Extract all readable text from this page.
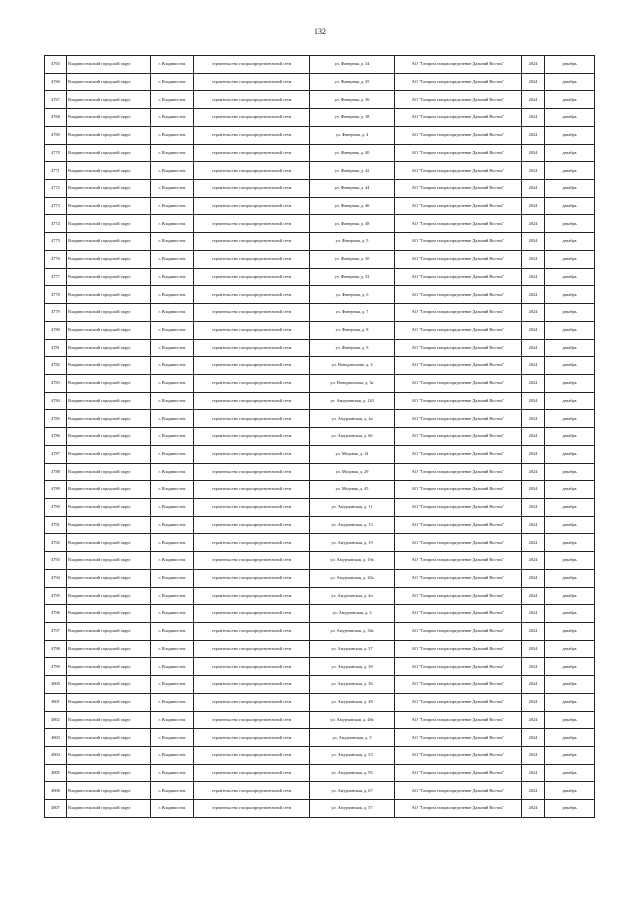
132
4765	Владивостокский городской округ	г. Владивосток	строительство газораспределительной сети	ул. Фанерная, д. 34	АО "Газпром газораспределение Дальний Восток"	2024	декабрь
4766	Владивостокский городской округ	г. Владивосток	строительство газораспределительной сети	ул. Фанерная, д. 35	АО "Газпром газораспределение Дальний Восток"	2024	декабрь
4767	Владивостокский городской округ	г. Владивосток	строительство газораспределительной сети	ул. Фанерная, д. 36	АО "Газпром газораспределение Дальний Восток"	2024	декабрь
4768	Владивостокский городской округ	г. Владивосток	строительство газораспределительной сети	ул. Фанерная, д. 38	АО "Газпром газораспределение Дальний Восток"	2024	декабрь
4769	Владивостокский городской округ	г. Владивосток	строительство газораспределительной сети	ул. Фанерная, д. 4	АО "Газпром газораспределение Дальний Восток"	2024	декабрь
4770	Владивостокский городской округ	г. Владивосток	строительство газораспределительной сети	ул. Фанерная, д. 40	АО "Газпром газораспределение Дальний Восток"	2024	декабрь
4771	Владивостокский городской округ	г. Владивосток	строительство газораспределительной сети	ул. Фанерная, д. 42	АО "Газпром газораспределение Дальний Восток"	2024	декабрь
4772	Владивостокский городской округ	г. Владивосток	строительство газораспределительной сети	ул. Фанерная, д. 44	АО "Газпром газораспределение Дальний Восток"	2024	декабрь
4773	Владивостокский городской округ	г. Владивосток	строительство газораспределительной сети	ул. Фанерная, д. 46	АО "Газпром газораспределение Дальний Восток"	2024	декабрь
4774	Владивостокский городской округ	г. Владивосток	строительство газораспределительной сети	ул. Фанерная, д. 48	АО "Газпром газораспределение Дальний Восток"	2024	декабрь
4775	Владивостокский городской округ	г. Владивосток	строительство газораспределительной сети	ул. Фанерная, д. 5	АО "Газпром газораспределение Дальний Восток"	2024	декабрь
4776	Владивостокский городской округ	г. Владивосток	строительство газораспределительной сети	ул. Фанерная, д. 50	АО "Газпром газораспределение Дальний Восток"	2024	декабрь
4777	Владивостокский городской округ	г. Владивосток	строительство газораспределительной сети	ул. Фанерная, д. 52	АО "Газпром газораспределение Дальний Восток"	2024	декабрь
4778	Владивостокский городской округ	г. Владивосток	строительство газораспределительной сети	ул. Фанерная, д. 6	АО "Газпром газораспределение Дальний Восток"	2024	декабрь
4779	Владивостокский городской округ	г. Владивосток	строительство газораспределительной сети	ул. Фанерная, д. 7	АО "Газпром газораспределение Дальний Восток"	2024	декабрь
4780	Владивостокский городской округ	г. Владивосток	строительство газораспределительной сети	ул. Фанерная, д. 8	АО "Газпром газораспределение Дальний Восток"	2024	декабрь
4781	Владивостокский городской округ	г. Владивосток	строительство газораспределительной сети	ул. Фанерная, д. 9	АО "Газпром газораспределение Дальний Восток"	2024	декабрь
4782	Владивостокский городской округ	г. Владивосток	строительство газораспределительной сети	ул. Новоданилова, д. 3	АО "Газпром газораспределение Дальний Восток"	2024	декабрь
4783	Владивостокский городской округ	г. Владивосток	строительство газораспределительной сети	ул. Новоданилова, д. 3а	АО "Газпром газораспределение Дальний Восток"	2024	декабрь
4784	Владивостокский городской округ	г. Владивосток	строительство газораспределительной сети	ул. Амурчанская, д. 120	АО "Газпром газораспределение Дальний Восток"	2024	декабрь
4785	Владивостокский городской округ	г. Владивосток	строительство газораспределительной сети	ул. Амурчанская, д. 4а	АО "Газпром газораспределение Дальний Восток"	2024	декабрь
4786	Владивостокский городской округ	г. Владивосток	строительство газораспределительной сети	ул. Амурчанская, д. 6б	АО "Газпром газораспределение Дальний Восток"	2024	декабрь
4787	Владивостокский городской округ	г. Владивосток	строительство газораспределительной сети	ул. Медовая, д. 14	АО "Газпром газораспределение Дальний Восток"	2024	декабрь
4788	Владивостокский городской округ	г. Владивосток	строительство газораспределительной сети	ул. Медовая, д. 29	АО "Газпром газораспределение Дальний Восток"	2024	декабрь
4789	Владивостокский городской округ	г. Владивосток	строительство газораспределительной сети	ул. Медовая, д. 45	АО "Газпром газораспределение Дальний Восток"	2024	декабрь
4790	Владивостокский городской округ	г. Владивосток	строительство газораспределительной сети	ул. Амурчанская, д. 11	АО "Газпром газораспределение Дальний Восток"	2024	декабрь
4791	Владивостокский городской округ	г. Владивосток	строительство газораспределительной сети	ул. Амурчанская, д. 15	АО "Газпром газораспределение Дальний Восток"	2024	декабрь
4792	Владивостокский городской округ	г. Владивосток	строительство газораспределительной сети	ул. Амурчанская, д. 19	АО "Газпром газораспределение Дальний Восток"	2024	декабрь
4793	Владивостокский городской округ	г. Владивосток	строительство газораспределительной сети	ул. Амурчанская, д. 19а	АО "Газпром газораспределение Дальний Восток"	2024	декабрь
4794	Владивостокский городской округ	г. Владивосток	строительство газораспределительной сети	ул. Амурчанская, д. 20а	АО "Газпром газораспределение Дальний Восток"	2024	декабрь
4795	Владивостокский городской округ	г. Владивосток	строительство газораспределительной сети	ул. Амурчанская, д. 2и	АО "Газпром газораспределение Дальний Восток"	2024	декабрь
4796	Владивостокский городской округ	г. Владивосток	строительство газораспределительной сети	ул. Амурчанская, д. 3	АО "Газпром газораспределение Дальний Восток"	2024	декабрь
4797	Владивостокский городской округ	г. Владивосток	строительство газораспределительной сети	ул. Амурчанская, д. 34а	АО "Газпром газораспределение Дальний Восток"	2024	декабрь
4798	Владивостокский городской округ	г. Владивосток	строительство газораспределительной сети	ул. Амурчанская, д. 37	АО "Газпром газораспределение Дальний Восток"	2024	декабрь
4799	Владивостокский городской округ	г. Владивосток	строительство газораспределительной сети	ул. Амурчанская, д. 39	АО "Газпром газораспределение Дальний Восток"	2024	декабрь
4800	Владивостокский городской округ	г. Владивосток	строительство газораспределительной сети	ул. Амурчанская, д. 36	АО "Газпром газораспределение Дальний Восток"	2024	декабрь
4801	Владивостокский городской округ	г. Владивосток	строительство газораспределительной сети	ул. Амурчанская, д. 48	АО "Газпром газораспределение Дальний Восток"	2024	декабрь
4802	Владивостокский городской округ	г. Владивосток	строительство газораспределительной сети	ул. Амурчанская, д. 48а	АО "Газпром газораспределение Дальний Восток"	2024	декабрь
4803	Владивостокский городской округ	г. Владивосток	строительство газораспределительной сети	ул. Амурчанская, д. 5	АО "Газпром газораспределение Дальний Восток"	2024	декабрь
4804	Владивостокский городской округ	г. Владивосток	строительство газораспределительной сети	ул. Амурчанская, д. 53	АО "Газпром газораспределение Дальний Восток"	2024	декабрь
4805	Владивостокский городской округ	г. Владивосток	строительство газораспределительной сети	ул. Амурчанская, д. 95	АО "Газпром газораспределение Дальний Восток"	2024	декабрь
4806	Владивостокский городской округ	г. Владивосток	строительство газораспределительной сети	ул. Амурчанская, д. 67	АО "Газпром газораспределение Дальний Восток"	2024	декабрь
4807	Владивостокский городской округ	г. Владивосток	строительство газораспределительной сети	ул. Амурчанская, д. 57	АО "Газпром газораспределение Дальний Восток"	2024	декабрь
